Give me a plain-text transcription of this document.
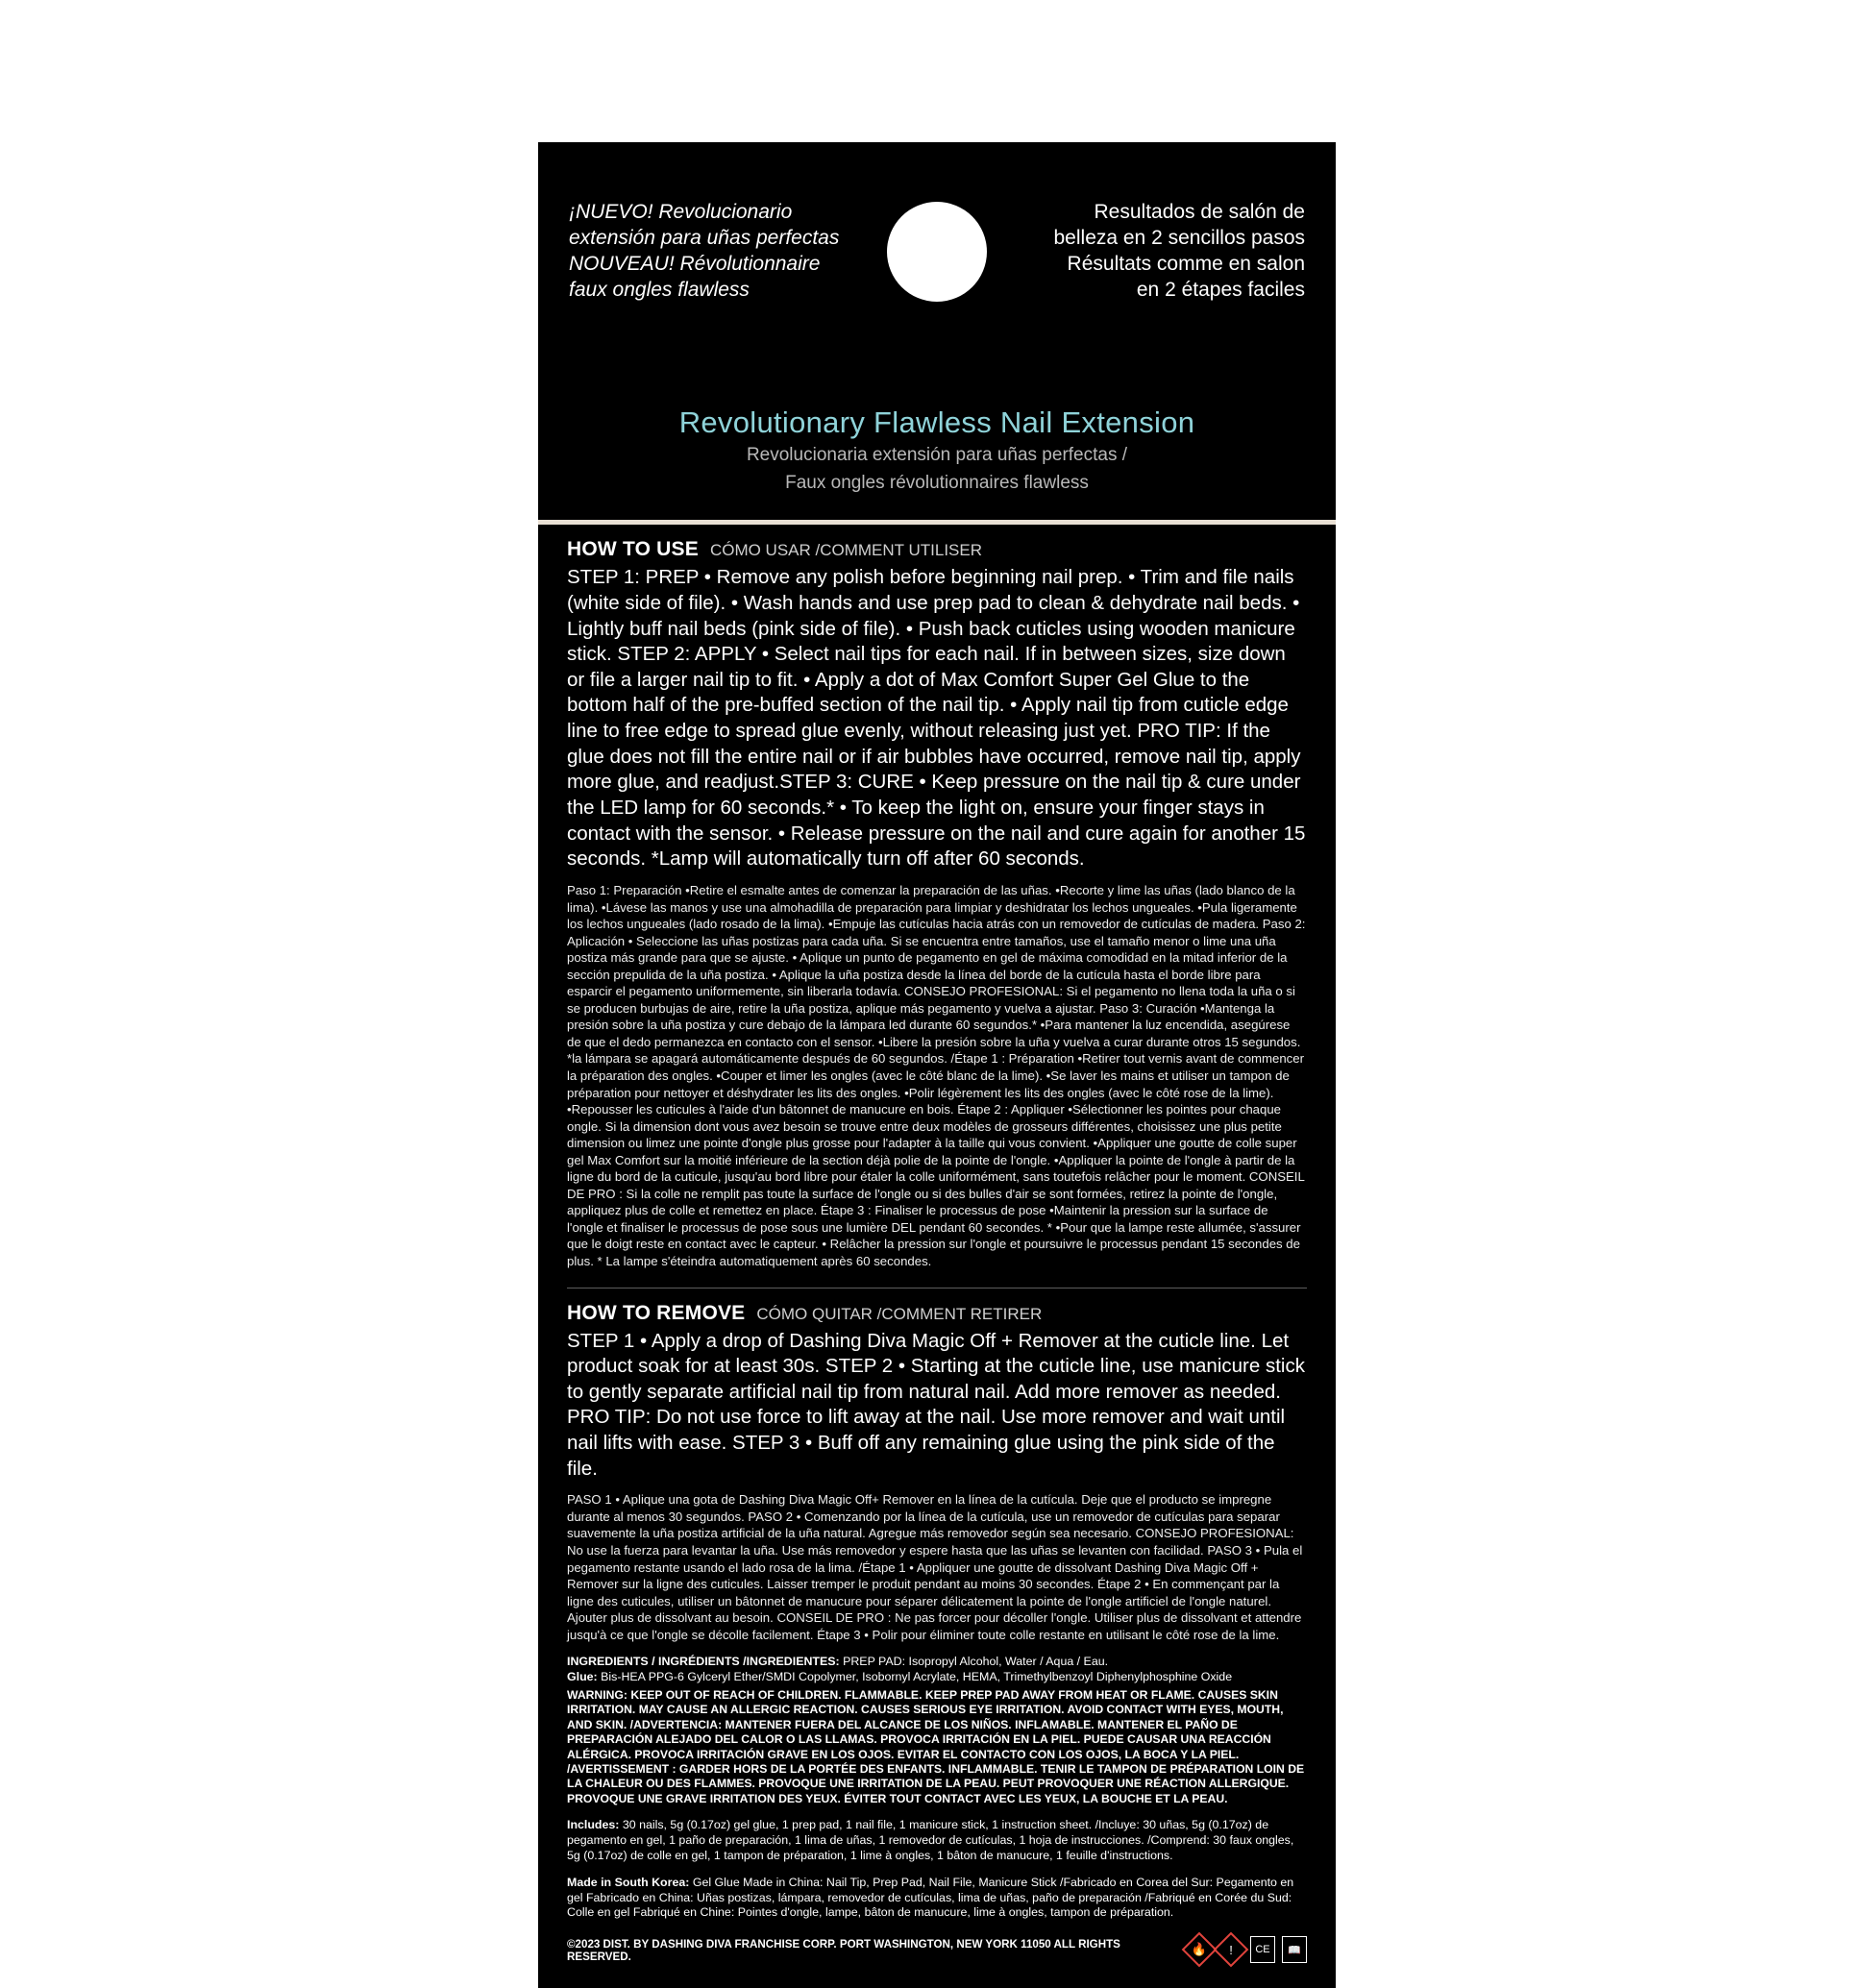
¡NUEVO! Revolucionario
extensión para uñas perfectas
NOUVEAU! Révolutionnaire
faux ongles flawless
Resultados de salón de
belleza en 2 sencillos pasos
Résultats comme en salon
en 2 étapes faciles
Revolutionary Flawless Nail Extension
Revolucionaria extensión para uñas perfectas /
Faux ongles révolutionnaires flawless
HOW TO USE CÓMO USAR /COMMENT UTILISER
STEP 1: PREP • Remove any polish before beginning nail prep. • Trim and file nails (white side of file). • Wash hands and use prep pad to clean & dehydrate nail beds. • Lightly buff nail beds (pink side of file). • Push back cuticles using wooden manicure stick. STEP 2: APPLY • Select nail tips for each nail. If in between sizes, size down or file a larger nail tip to fit. • Apply a dot of Max Comfort Super Gel Glue to the bottom half of the pre-buffed section of the nail tip. • Apply nail tip from cuticle edge line to free edge to spread glue evenly, without releasing just yet. PRO TIP: If the glue does not fill the entire nail or if air bubbles have occurred, remove nail tip, apply more glue, and readjust.STEP 3: CURE • Keep pressure on the nail tip & cure under the LED lamp for 60 seconds.* • To keep the light on, ensure your finger stays in contact with the sensor. • Release pressure on the nail and cure again for another 15 seconds. *Lamp will automatically turn off after 60 seconds.
Paso 1: Preparación •Retire el esmalte antes de comenzar la preparación de las uñas. •Recorte y lime las uñas (lado blanco de la lima). •Lávese las manos y use una almohadilla de preparación para limpiar y deshidratar los lechos ungueales. •Pula ligeramente los lechos ungueales (lado rosado de la lima). •Empuje las cutículas hacia atrás con un removedor de cutículas de madera. Paso 2: Aplicación • Seleccione las uñas postizas para cada uña. Si se encuentra entre tamaños, use el tamaño menor o lime una uña postiza más grande para que se ajuste. • Aplique un punto de pegamento en gel de máxima comodidad en la mitad inferior de la sección prepulida de la uña postiza. • Aplique la uña postiza desde la línea del borde de la cutícula hasta el borde libre para esparcir el pegamento uniformemente, sin liberarla todavía. CONSEJO PROFESIONAL: Si el pegamento no llena toda la uña o si se producen burbujas de aire, retire la uña postiza, aplique más pegamento y vuelva a ajustar. Paso 3: Curación •Mantenga la presión sobre la uña postiza y cure debajo de la lámpara led durante 60 segundos.* •Para mantener la luz encendida, asegúrese de que el dedo permanezca en contacto con el sensor. •Libere la presión sobre la uña y vuelva a curar durante otros 15 segundos. *la lámpara se apagará automáticamente después de 60 segundos. /Étape 1 : Préparation •Retirer tout vernis avant de commencer la préparation des ongles. •Couper et limer les ongles (avec le côté blanc de la lime). •Se laver les mains et utiliser un tampon de préparation pour nettoyer et déshydrater les lits des ongles. •Polir légèrement les lits des ongles (avec le côté rose de la lime). •Repousser les cuticules à l'aide d'un bâtonnet de manucure en bois. Étape 2 : Appliquer •Sélectionner les pointes pour chaque ongle. Si la dimension dont vous avez besoin se trouve entre deux modèles de grosseurs différentes, choisissez une plus petite dimension ou limez une pointe d'ongle plus grosse pour l'adapter à la taille qui vous convient. •Appliquer une goutte de colle super gel Max Comfort sur la moitié inférieure de la section déjà polie de la pointe de l'ongle. •Appliquer la pointe de l'ongle à partir de la ligne du bord de la cuticule, jusqu'au bord libre pour étaler la colle uniformément, sans toutefois relâcher pour le moment. CONSEIL DE PRO : Si la colle ne remplit pas toute la surface de l'ongle ou si des bulles d'air se sont formées, retirez la pointe de l'ongle, appliquez plus de colle et remettez en place. Étape 3 : Finaliser le processus de pose •Maintenir la pression sur la surface de l'ongle et finaliser le processus de pose sous une lumière DEL pendant 60 secondes. * •Pour que la lampe reste allumée, s'assurer que le doigt reste en contact avec le capteur. • Relâcher la pression sur l'ongle et poursuivre le processus pendant 15 secondes de plus. * La lampe s'éteindra automatiquement après 60 secondes.
HOW TO REMOVE CÓMO QUITAR /COMMENT RETIRER
STEP 1 • Apply a drop of Dashing Diva Magic Off + Remover at the cuticle line. Let product soak for at least 30s. STEP 2 • Starting at the cuticle line, use manicure stick to gently separate artificial nail tip from natural nail. Add more remover as needed. PRO TIP: Do not use force to lift away at the nail. Use more remover and wait until nail lifts with ease. STEP 3 • Buff off any remaining glue using the pink side of the file.
PASO 1 • Aplique una gota de Dashing Diva Magic Off+ Remover en la línea de la cutícula. Deje que el producto se impregne durante al menos 30 segundos. PASO 2 • Comenzando por la línea de la cutícula, use un removedor de cutículas para separar suavemente la uña postiza artificial de la uña natural. Agregue más removedor según sea necesario. CONSEJO PROFESIONAL: No use la fuerza para levantar la uña. Use más removedor y espere hasta que las uñas se levanten con facilidad. PASO 3 • Pula el pegamento restante usando el lado rosa de la lima. /Étape 1 • Appliquer une goutte de dissolvant Dashing Diva Magic Off + Remover sur la ligne des cuticules. Laisser tremper le produit pendant au moins 30 secondes. Étape 2 • En commençant par la ligne des cuticules, utiliser un bâtonnet de manucure pour séparer délicatement la pointe de l'ongle artificiel de l'ongle naturel. Ajouter plus de dissolvant au besoin. CONSEIL DE PRO : Ne pas forcer pour décoller l'ongle. Utiliser plus de dissolvant et attendre jusqu'à ce que l'ongle se décolle facilement. Étape 3 • Polir pour éliminer toute colle restante en utilisant le côté rose de la lime.
INGREDIENTS / INGRÉDIENTS /INGREDIENTES: PREP PAD: Isopropyl Alcohol, Water / Aqua / Eau.
Glue: Bis-HEA PPG-6 Gylceryl Ether/SMDI Copolymer, Isobornyl Acrylate, HEMA, Trimethylbenzoyl Diphenylphosphine Oxide
WARNING: KEEP OUT OF REACH OF CHILDREN. FLAMMABLE. KEEP PREP PAD AWAY FROM HEAT OR FLAME. CAUSES SKIN IRRITATION. MAY CAUSE AN ALLERGIC REACTION. CAUSES SERIOUS EYE IRRITATION. AVOID CONTACT WITH EYES, MOUTH, AND SKIN. /ADVERTENCIA: MANTENER FUERA DEL ALCANCE DE LOS NIÑOS. INFLAMABLE. MANTENER EL PAÑO DE PREPARACIÓN ALEJADO DEL CALOR O LAS LLAMAS. PROVOCA IRRITACIÓN EN LA PIEL. PUEDE CAUSAR UNA REACCIÓN ALÉRGICA. PROVOCA IRRITACIÓN GRAVE EN LOS OJOS. EVITAR EL CONTACTO CON LOS OJOS, LA BOCA Y LA PIEL. /AVERTISSEMENT : GARDER HORS DE LA PORTÉE DES ENFANTS. INFLAMMABLE. TENIR LE TAMPON DE PRÉPARATION LOIN DE LA CHALEUR OU DES FLAMMES. PROVOQUE UNE IRRITATION DE LA PEAU. PEUT PROVOQUER UNE RÉACTION ALLERGIQUE. PROVOQUE UNE GRAVE IRRITATION DES YEUX. ÉVITER TOUT CONTACT AVEC LES YEUX, LA BOUCHE ET LA PEAU.
Includes: 30 nails, 5g (0.17oz) gel glue, 1 prep pad, 1 nail file, 1 manicure stick, 1 instruction sheet. /Incluye: 30 uñas, 5g (0.17oz) de pegamento en gel, 1 paño de preparación, 1 lima de uñas, 1 removedor de cutículas, 1 hoja de instrucciones. /Comprend: 30 faux ongles, 5g (0.17oz) de colle en gel, 1 tampon de préparation, 1 lime à ongles, 1 bâton de manucure, 1 feuille d'instructions.
Made in South Korea: Gel Glue Made in China: Nail Tip, Prep Pad, Nail File, Manicure Stick /Fabricado en Corea del Sur: Pegamento en gel Fabricado en China: Uñas postizas, lámpara, removedor de cutículas, lima de uñas, paño de preparación /Fabriqué en Corée du Sud: Colle en gel Fabriqué en Chine: Pointes d'ongle, lampe, bâton de manucure, lime à ongles, tampon de préparation.
©2023 DIST. BY DASHING DIVA FRANCHISE CORP. PORT WASHINGTON, NEW YORK 11050 ALL RIGHTS RESERVED.
🔥	!	CE	📖
